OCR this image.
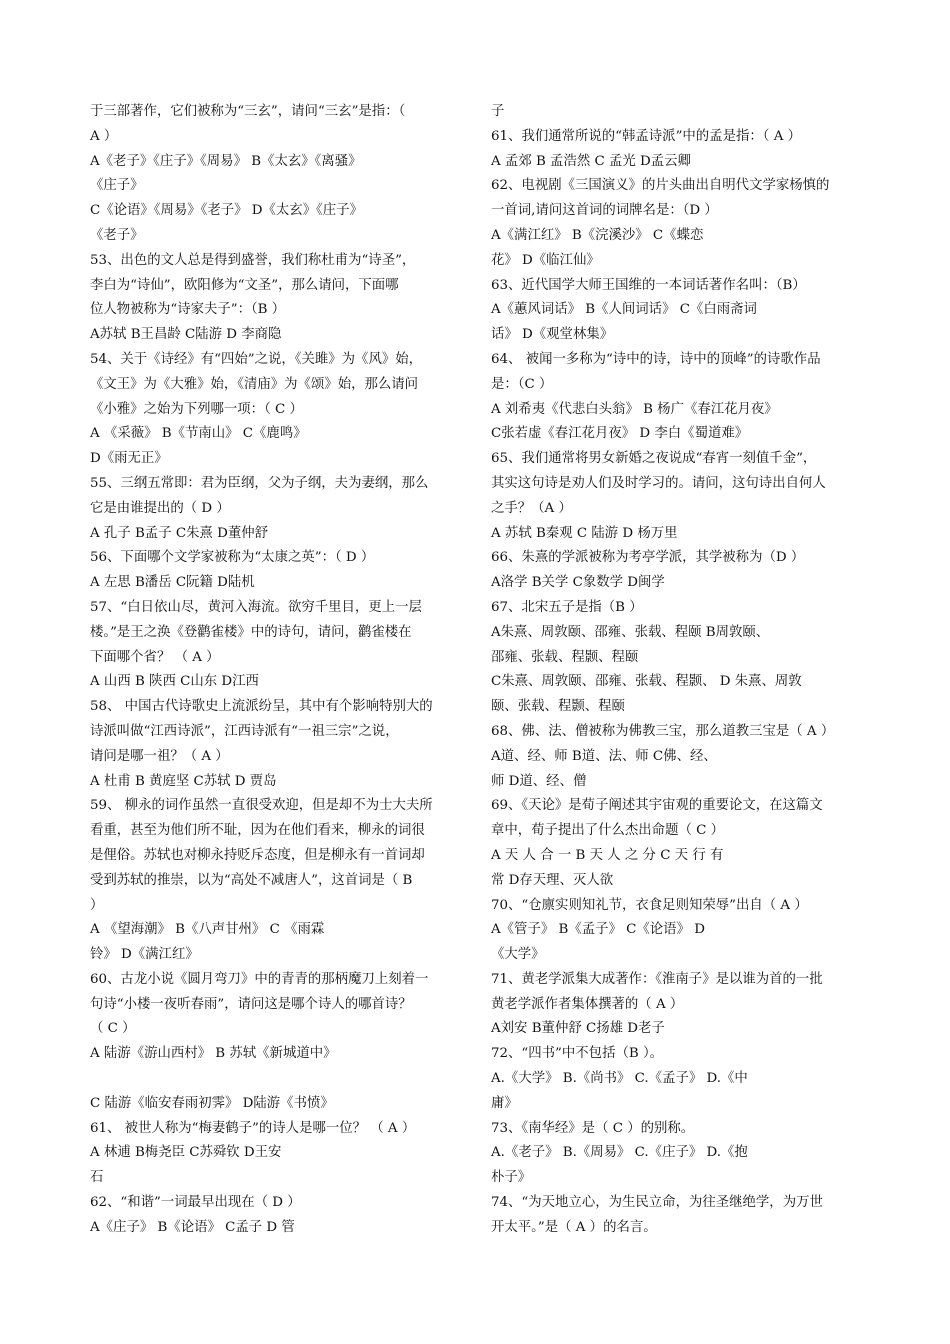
于三部著作，它们被称为“三玄”，请问“三玄”是指：（
A ）
A《老子》《庄子》《周易》 B《太玄》《离骚》
《庄子》
C《论语》《周易》《老子》 D《太玄》《庄子》
《老子》
53、出色的文人总是得到盛誉，我们称杜甫为“诗圣”，
李白为“诗仙”，欧阳修为“文圣”，那么请问，下面哪
位人物被称为“诗家夫子”：（B ）
A苏轼 B王昌龄 C陆游 D 李商隐
54、关于《诗经》有“四始”之说，《关雎》为《风》始，
《文王》为《大雅》始，《清庙》为《颂》始，那么请问
《小雅》之始为下列哪一项：（ C ）
A 《采薇》 B《节南山》 C《鹿鸣》
D《雨无正》
55、三纲五常即：君为臣纲，父为子纲，夫为妻纲，那么
它是由谁提出的（ D ）
A 孔子 B孟子 C朱熹 D董仲舒
56、下面哪个文学家被称为“太康之英”：（ D ）
A 左思 B潘岳 C阮籍 D陆机
57、“白日依山尽，黄河入海流。欲穷千里目，更上一层
楼。”是王之涣《登鹳雀楼》中的诗句，请问，鹳雀楼在
下面哪个省？ （ A ）
A 山西 B 陕西 C山东 D江西
58、 中国古代诗歌史上流派纷呈，其中有个影响特别大的
诗派叫做“江西诗派”，江西诗派有“一祖三宗”之说，
请问是哪一祖？（ A ）
A 杜甫 B 黄庭坚 C苏轼 D 贾岛
59、 柳永的词作虽然一直很受欢迎，但是却不为士大夫所
看重，甚至为他们所不耻，因为在他们看来，柳永的词很
是俚俗。苏轼也对柳永持贬斥态度，但是柳永有一首词却
受到苏轼的推崇，以为“高处不减唐人”，这首词是（ B
）
A 《望海潮》 B《八声甘州》 C 《雨霖
铃》 D《满江红》
60、古龙小说《圆月弯刀》中的青青的那柄魔刀上刻着一
句诗“小楼一夜听春雨”，请问这是哪个诗人的哪首诗？
（ C ）
A 陆游《游山西村》 B 苏轼《新城道中》
C 陆游《临安春雨初霁》 D陆游《书愤》
61、 被世人称为“梅妻鹤子”的诗人是哪一位？ （ A ）
A 林逋 B梅尧臣 C苏舜钦 D王安
石
62、“和谐”一词最早出现在（ D ）
A《庄子》 B《论语》 C孟子 D 管
子
61、我们通常所说的“韩孟诗派”中的孟是指：（ A ）
A 孟郊 B 孟浩然 C 孟光 D孟云卿
62、电视剧《三国演义》的片头曲出自明代文学家杨慎的
一首词,请问这首词的词牌名是：（D ）
A《满江红》 B《浣溪沙》 C《蝶恋
花》 D《临江仙》
63、近代国学大师王国维的一本词话著作名叫：（B）
A《蕙风词话》 B《人间词话》 C《白雨斋词
话》 D《观堂林集》
64、 被闻一多称为“诗中的诗，诗中的顶峰”的诗歌作品
是：（C ）
A 刘希夷《代悲白头翁》 B 杨广《春江花月夜》
C张若虚《春江花月夜》 D 李白《蜀道难》
65、我们通常将男女新婚之夜说成“春宵一刻值千金”，
其实这句诗是劝人们及时学习的。请问，这句诗出自何人
之手？（A ）
A 苏轼 B秦观 C 陆游 D 杨万里
66、朱熹的学派被称为考亭学派，其学被称为（D ）
A洛学 B关学 C象数学 D闽学
67、北宋五子是指（B ）
A朱熹、周敦颐、邵雍、张载、程颐 B周敦颐、
邵雍、张载、程颢、程颐
C朱熹、周敦颐、邵雍、张载、程颢、 D 朱熹、周敦
颐、张载、程颢、程颐
68、佛、法、僧被称为佛教三宝，那么道教三宝是（ A ）
A道、经、师 B道、法、师 C佛、经、
师 D道、经、僧
69、《天论》是荀子阐述其宇宙观的重要论文，在这篇文
章中，荀子提出了什么杰出命题（ C ）
A 天 人 合 一 B 天 人 之 分 C 天 行 有
常 D存天理、灭人欲
70、“仓廪实则知礼节，衣食足则知荣辱”出自（ A ）
A《管子》 B《孟子》 C《论语》 D
《大学》
71、黄老学派集大成著作：《淮南子》是以谁为首的一批
黄老学派作者集体撰著的（ A ）
A刘安 B董仲舒 C扬雄 D老子
72、“四书”中不包括（B ）。
A.《大学》 B.《尚书》 C.《孟子》 D.《中
庸》
73、《南华经》是（ C ）的别称。
A.《老子》 B.《周易》 C.《庄子》 D.《抱
朴子》
74、“为天地立心，为生民立命，为往圣继绝学，为万世
开太平。”是（ A ）的名言。
